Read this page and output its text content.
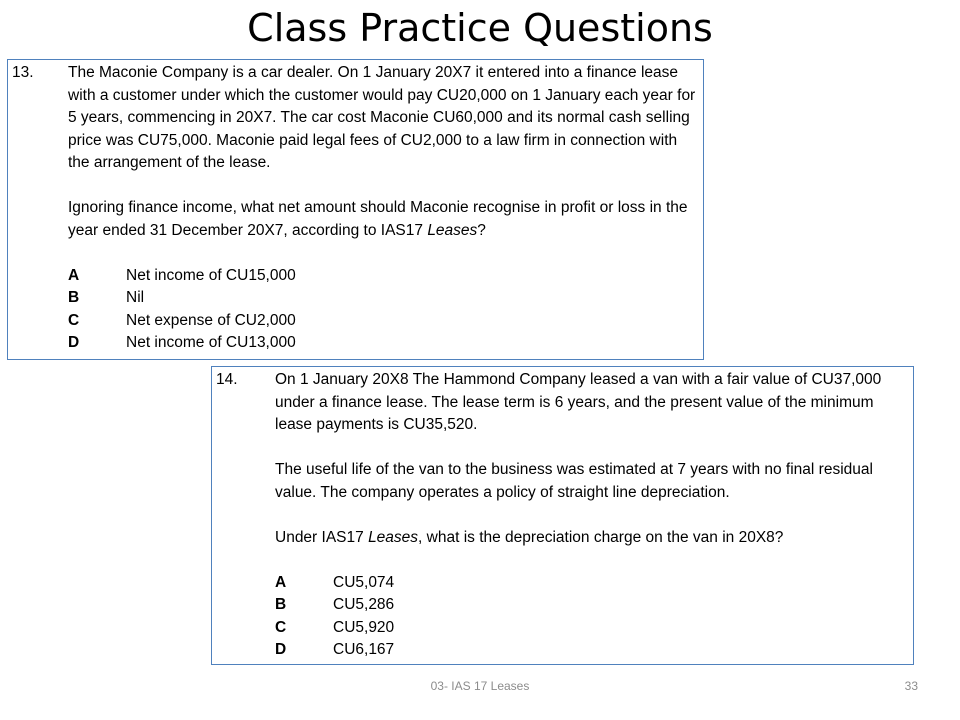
Class Practice Questions
13. The Maconie Company is a car dealer. On 1 January 20X7 it entered into a finance lease with a customer under which the customer would pay CU20,000 on 1 January each year for 5 years, commencing in 20X7. The car cost Maconie CU60,000 and its normal cash selling price was CU75,000. Maconie paid legal fees of CU2,000 to a law firm in connection with the arrangement of the lease.

Ignoring finance income, what net amount should Maconie recognise in profit or loss in the year ended 31 December 20X7, according to IAS17 Leases?

A	Net income of CU15,000
B	Nil
C	Net expense of CU2,000
D	Net income of CU13,000
14. On 1 January 20X8 The Hammond Company leased a van with a fair value of CU37,000 under a finance lease. The lease term is 6 years, and the present value of the minimum lease payments is CU35,520.

The useful life of the van to the business was estimated at 7 years with no final residual value. The company operates a policy of straight line depreciation.

Under IAS17 Leases, what is the depreciation charge on the van in 20X8?

A	CU5,074
B	CU5,286
C	CU5,920
D	CU6,167
03- IAS 17 Leases	33
